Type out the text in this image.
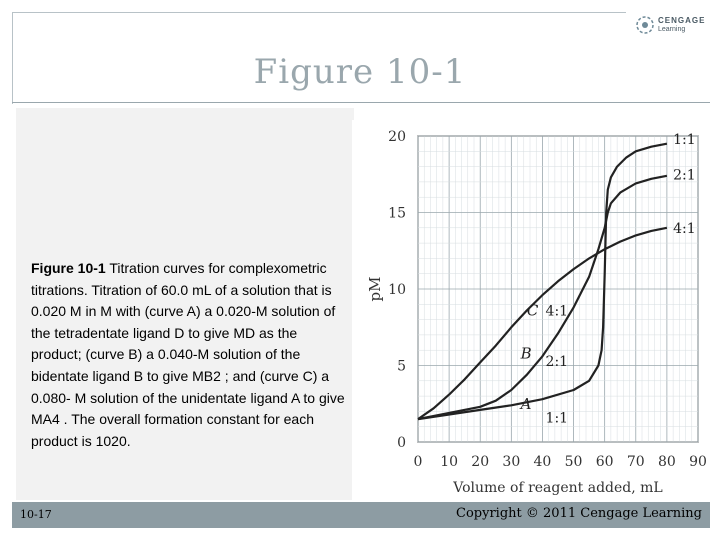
CENGAGE
Learning
Figure 10-1
Figure 10-1 Titration curves for complexometric titrations. Titration of 60.0 mL of a solution that is 0.020 M in M with (curve A) a 0.020-M solution of the tetradentate ligand D to give MD as the product; (curve B) a 0.040-M solution of the bidentate ligand B to give MB2 ; and (curve C) a 0.080- M solution of the unidentate ligand A to give MA4 . The overall formation constant for each product is 1020.
0 10 20 30 40 50 60 70 80 90
0
5
10
15
20
Volume of reagent added, mL
pM
1:1
1:1
A
2:1
2:1
B
4:1
4:1
C
10-17	Copyright © 2011 Cengage Learning
